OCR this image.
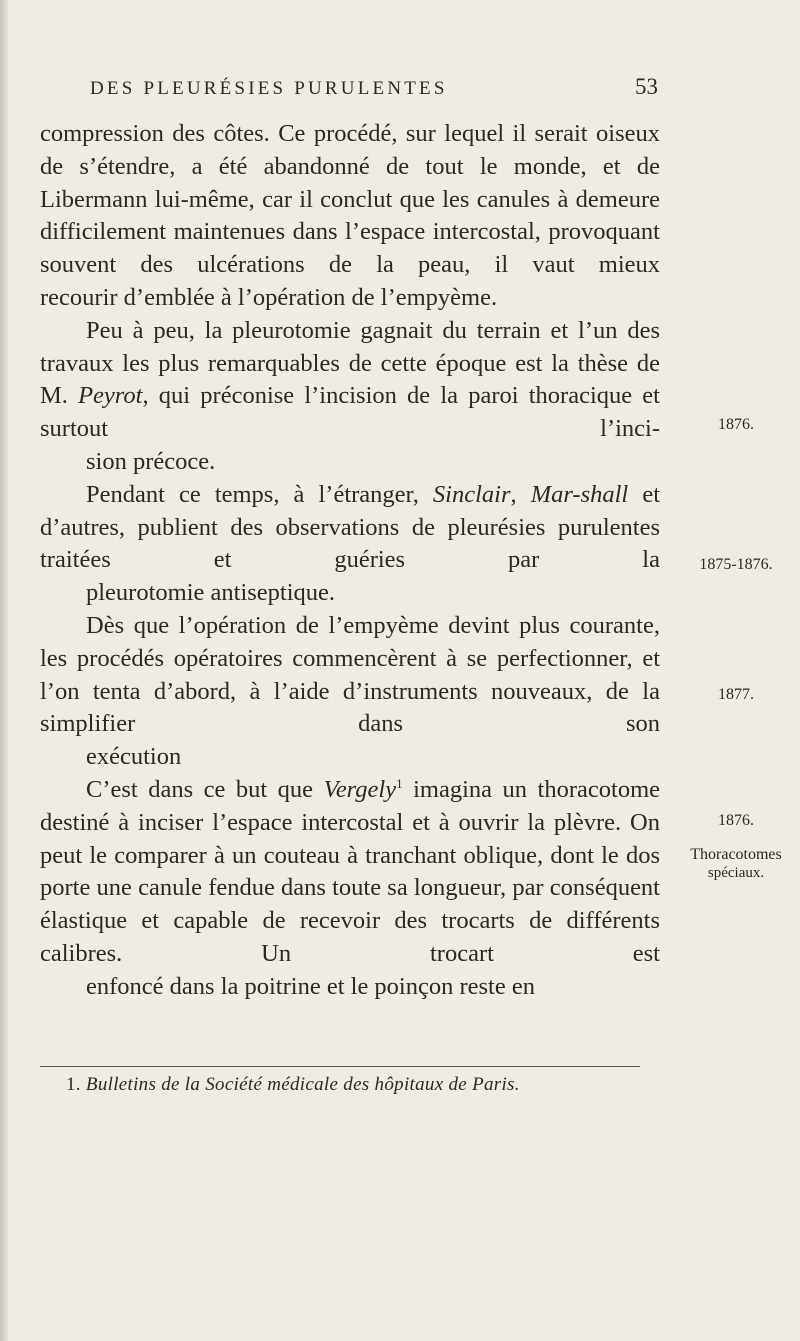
DES PLEURÉSIES PURULENTES	53

compression des côtes. Ce procédé, sur lequel il serait oiseux de s’étendre, a été abandonné de tout le monde, et de Libermann lui-même, car il conclut que les canules à demeure difficilement maintenues dans l’espace intercostal, provoquant souvent des ulcérations de la peau, il vaut mieux
recourir d’emblée à l’opération de l’empyème.

Peu à peu, la pleurotomie gagnait du terrain et l’un des travaux les plus remarquables de cette époque est la thèse de M. Peyrot, qui préconise l’incision de la paroi thoracique et surtout l’inci-
sion précoce.

Pendant ce temps, à l’étranger, Sinclair, Mar-shall et d’autres, publient des observations de pleurésies purulentes traitées et guéries par la
pleurotomie antiseptique.

Dès que l’opération de l’empyème devint plus courante, les procédés opératoires commencèrent à se perfectionner, et l’on tenta d’abord, à l’aide d’instruments nouveaux, de la simplifier dans son
exécution

C’est dans ce but que Vergely$^1$ imagina un thoracotome destiné à inciser l’espace intercostal et à ouvrir la plèvre. On peut le comparer à un couteau à tranchant oblique, dont le dos porte une canule fendue dans toute sa longueur, par conséquent élastique et capable de recevoir des trocarts de différents calibres. Un trocart est
enfoncé dans la poitrine et le poinçon reste en

1876.
1875-1876.
1877.
1876.
Thoracotomes
spéciaux.
1. Bulletins de la Société médicale des hôpitaux de Paris.
